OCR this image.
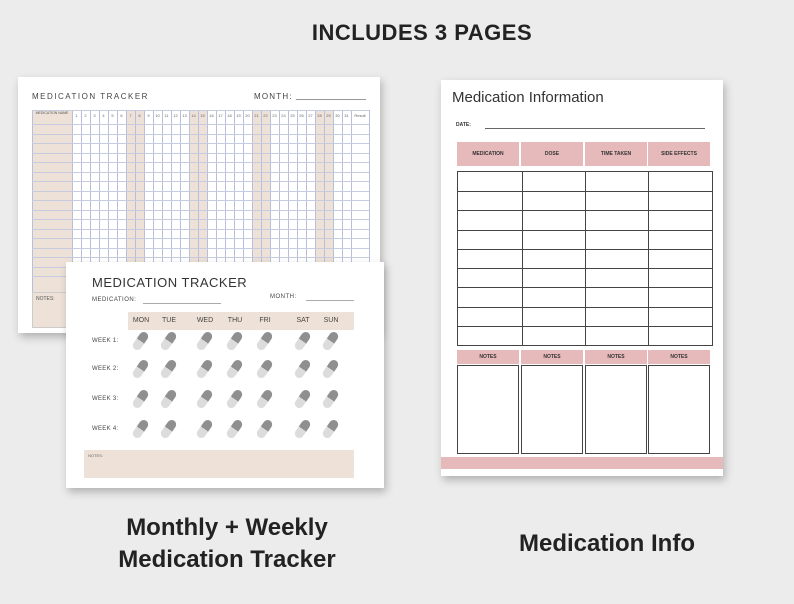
INCLUDES 3 PAGES
MEDICATION TRACKER	MONTH:
MEDICATION NAME	1	2	3	4	5	6	7	8	9	10	11	12	13	14	15	16	17	18	19	20	21	22	23	24	25	26	27	28	29	30	31	Result
NOTES:
MEDICATION TRACKER
MEDICATION:	MONTH:
MON	TUE	WED	THU	FRI	SAT	SUN
WEEK 1:
WEEK 2:
WEEK 3:
WEEK 4:
NOTES:
Medication Information
DATE:
MEDICATION	DOSE	TIME TAKEN	SIDE EFFECTS
NOTES	NOTES	NOTES	NOTES
Monthly + Weekly
Medication Tracker
Medication Info
